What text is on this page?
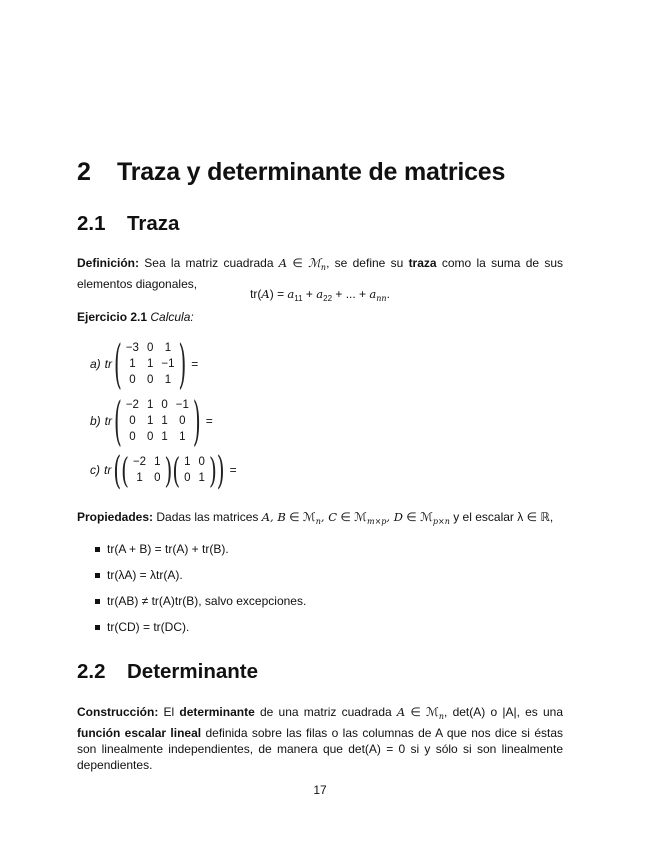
2 Traza y determinante de matrices
2.1 Traza
Definición: Sea la matriz cuadrada A ∈ ℳ$_n$, se define su traza como la suma de sus elementos diagonales,
$tr(A) = a_{11} + a_{22}$ + ... + $a_{nn}$.
Ejercicio 2.1 Calcula:
a) tr ( −3	0	1
1	1	−1
0	0	1 ) =
b) tr ( −2	1	0	−1
0	1	1	0
0	0	1	1 ) =
c) tr ( ( −2	1
1	0 ) ( 1	0
0	1 ) ) =
Propiedades: Dadas las matrices A, B ∈ ℳ$_n$, C ∈ ℳ$_{m\times p}$, D ∈ ℳ$_{p\times n}$ y el escalar λ ∈ ℝ,
tr(A + B) = tr(A) + tr(B).
tr(λA) = λtr(A).
tr(AB) ≠ tr(A)tr(B), salvo excepciones.
tr(CD) = tr(DC).
2.2 Determinante
Construcción: El determinante de una matriz cuadrada A ∈ ℳ$_n$, det(A) o |A|, es una función escalar lineal definida sobre las filas o las columnas de A que nos dice si éstas son linealmente independientes, de manera que det(A) = 0 si y sólo si son linealmente dependientes.
17
